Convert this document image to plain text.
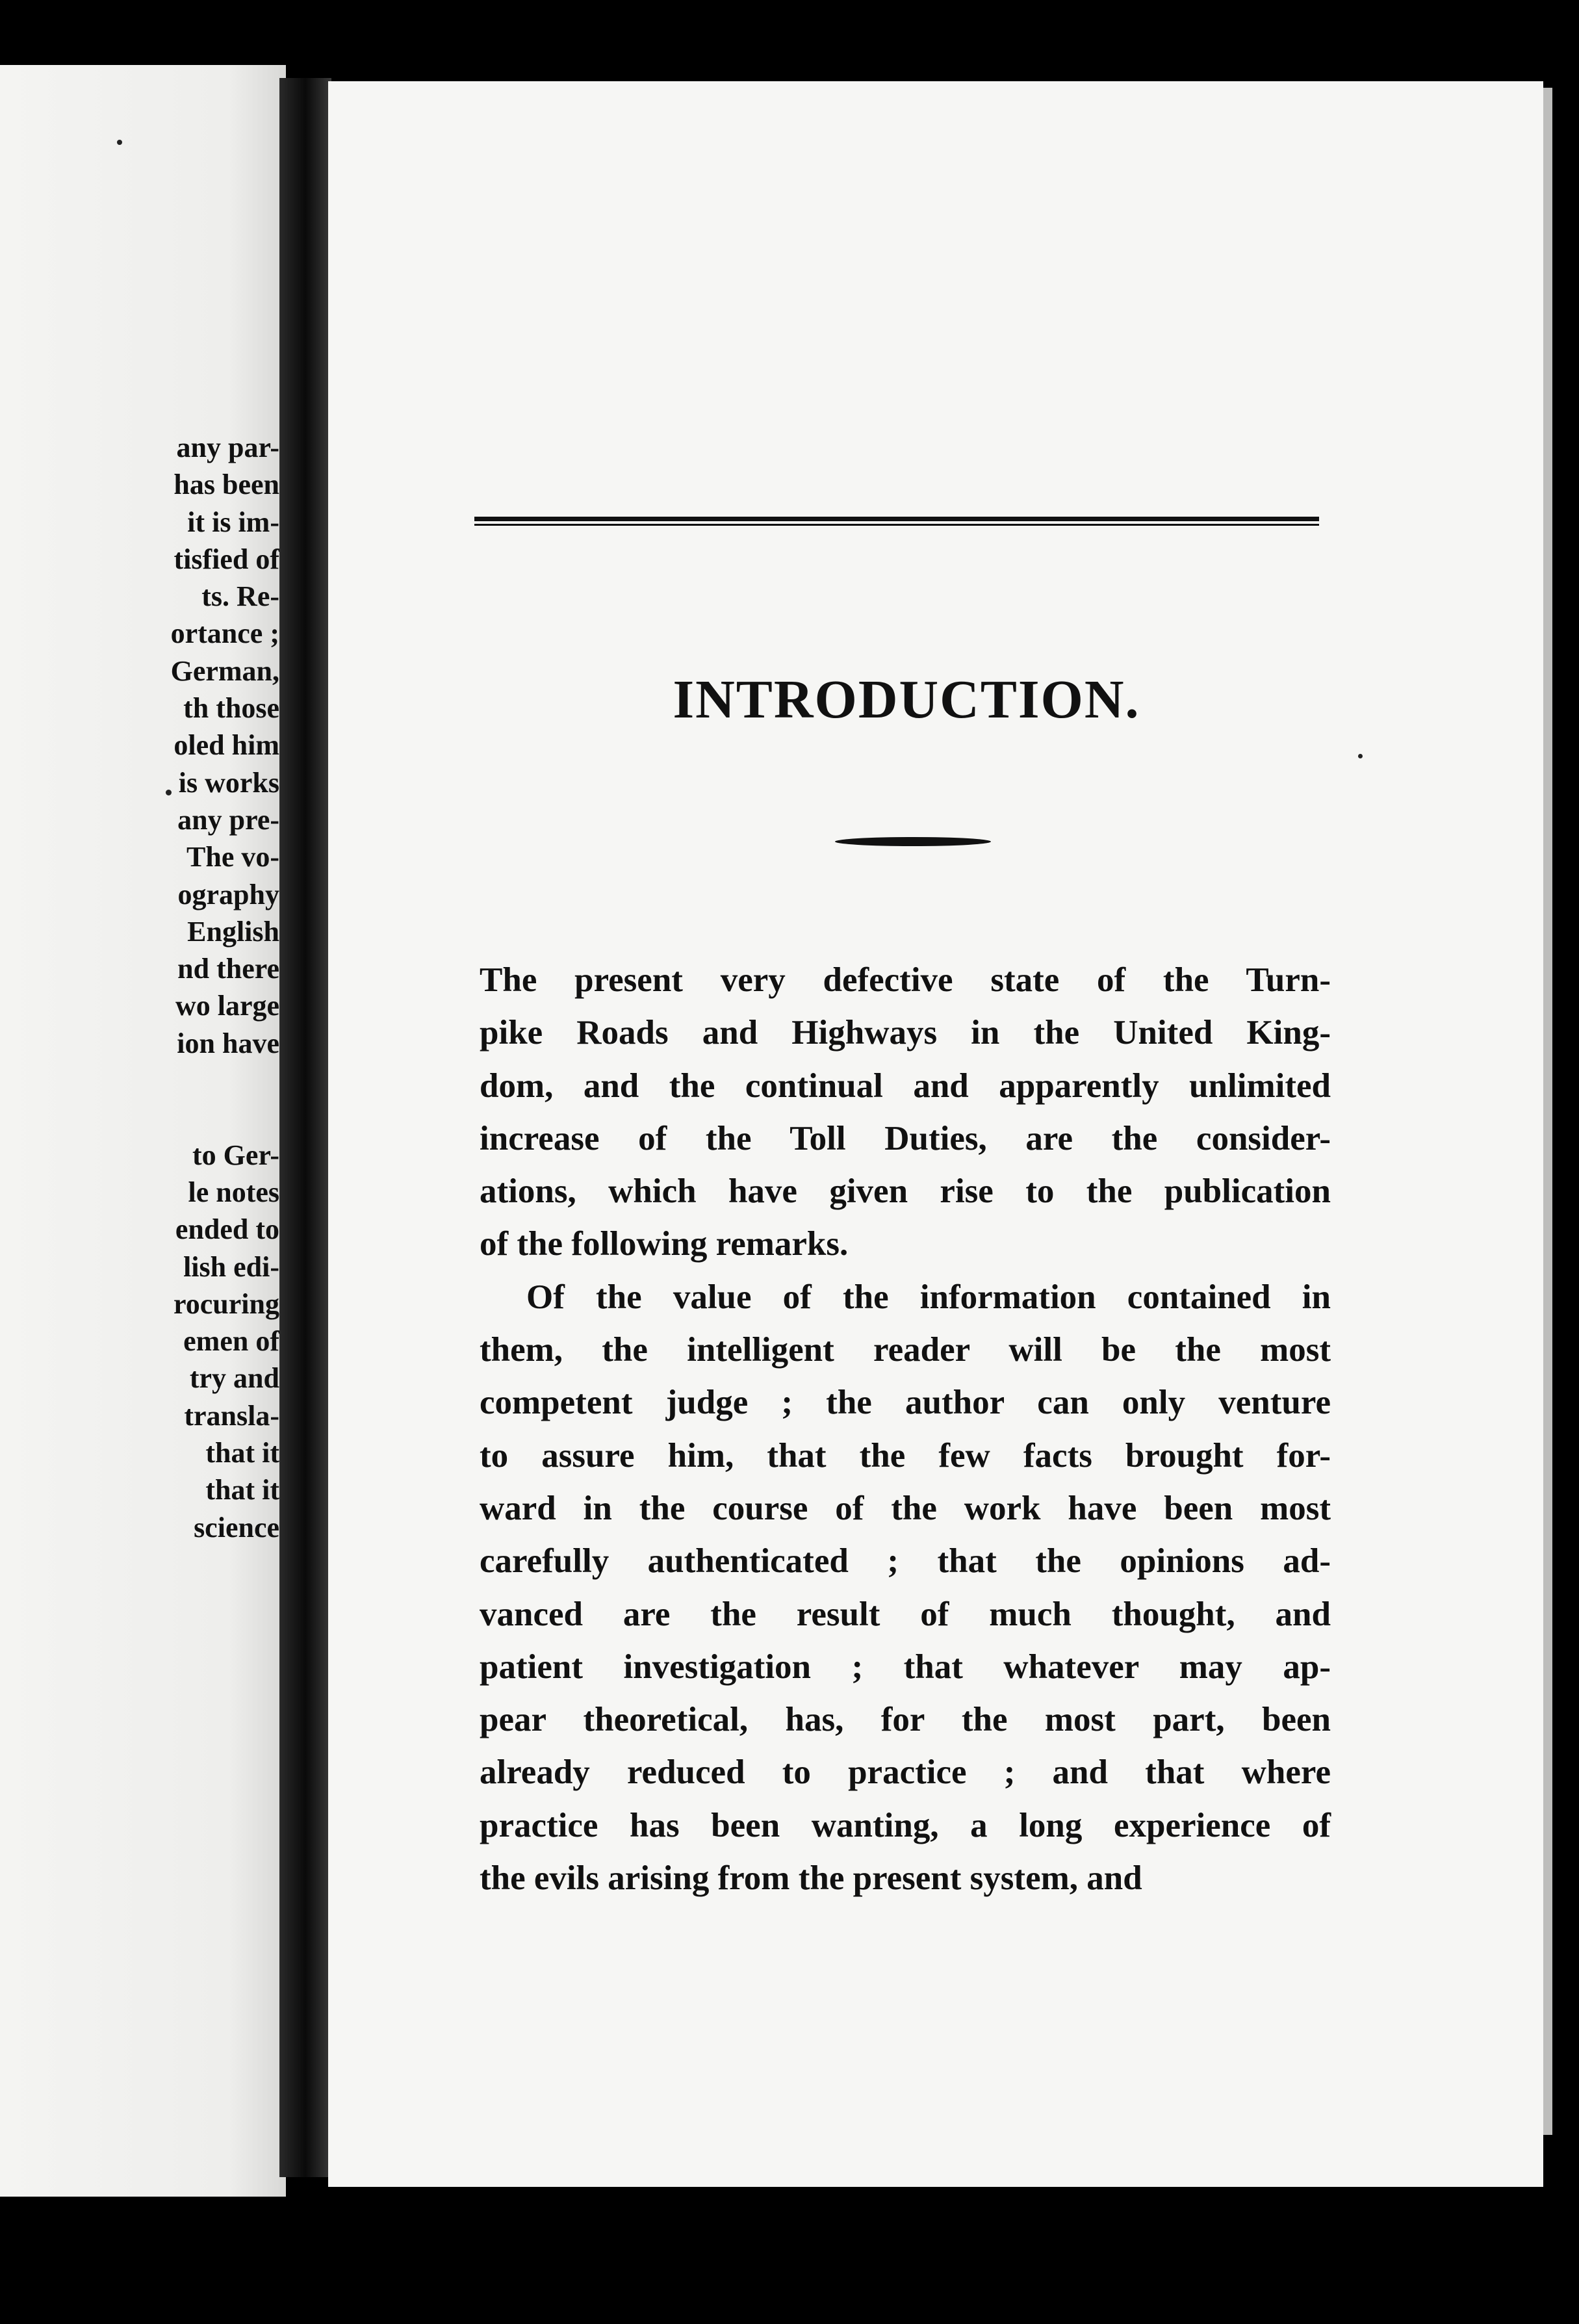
any par-
has been
it is im-
tisfied of
ts. Re-
ortance ;
German,
th those
oled him
is works
any pre-
The vo-
ography
English
nd there
wo large
ion have

to Ger-
le notes
ended to
lish edi-
rocuring
emen of
try and
transla-
that it
that it
science
INTRODUCTION.
The present very defective state of the Turn-
pike Roads and Highways in the United King-
dom, and the continual and apparently unlimited
increase of the Toll Duties, are the consider-
ations, which have given rise to the publication
of the following remarks.
Of the value of the information contained in
them, the intelligent reader will be the most
competent judge ; the author can only venture
to assure him, that the few facts brought for-
ward in the course of the work have been most
carefully authenticated ; that the opinions ad-
vanced are the result of much thought, and
patient investigation ; that whatever may ap-
pear theoretical, has, for the most part, been
already reduced to practice ; and that where
practice has been wanting, a long experience of
the evils arising from the present system, and
